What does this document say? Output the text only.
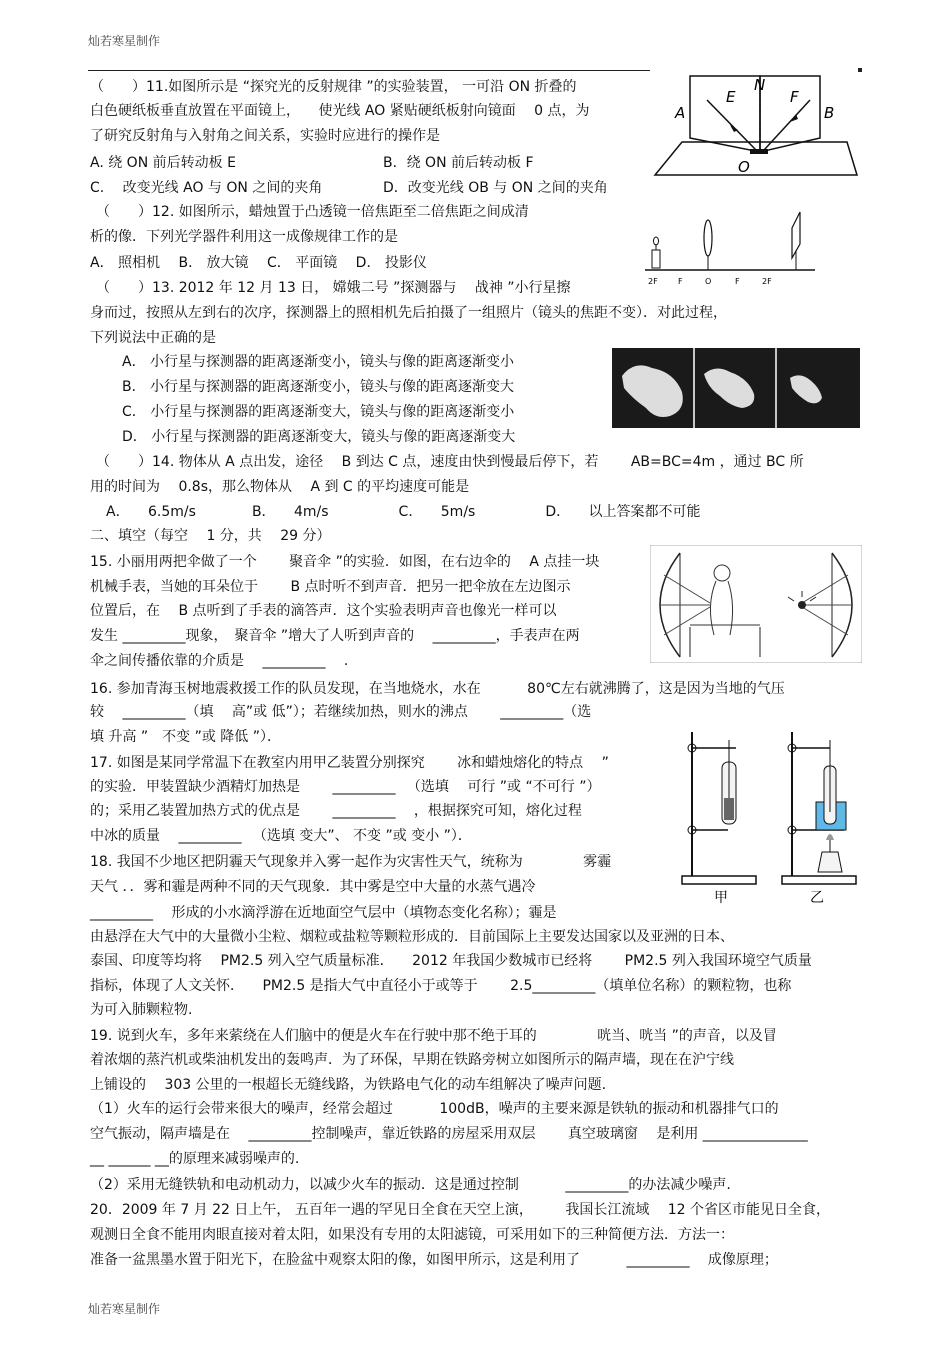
灿若寒星制作
（　　）11.如图所示是 “探究光的反射规律 ”的实验装置， 一可沿 ON 折叠的
白色硬纸板垂直放置在平面镜上， 　使光线 AO 紧贴硬纸板射向镜面 　0 点，为
了研究反射角与入射角之间关系，实验时应进行的操作是
A. 绕 ON 前后转动板 E	B．绕 ON 前后转动板 F
C. 　改变光线 AO 与 ON 之间的夹角	D．改变光线 OB 与 ON 之间的夹角
（　　）12. 如图所示，蜡烛置于凸透镜一倍焦距至二倍焦距之间成清
析的像．下列光学器件利用这一成像规律工作的是
A． 照相机 　B． 放大镜 　C． 平面镜 　D． 投影仪
（　　）13. 2012 年 12 月 13 日， 嫦娥二号 ”探测器与 　战神 ”小行星擦
身而过，按照从左到右的次序，探测器上的照相机先后拍摄了一组照片（镜头的焦距不变）．对此过程，
下列说法中正确的是
A． 小行星与探测器的距离逐渐变小，镜头与像的距离逐渐变小
B． 小行星与探测器的距离逐渐变小，镜头与像的距离逐渐变大
C． 小行星与探测器的距离逐渐变大，镜头与像的距离逐渐变小
D． 小行星与探测器的距离逐渐变大，镜头与像的距离逐渐变大
（　　）14. 物体从 A 点出发，途径 　B 到达 C 点，速度由快到慢最后停下，若 　　AB=BC=4m ，通过 BC 所
用的时间为 　0.8s，那么物体从 　A 到 C 的平均速度可能是
A． 　6.5m/s　　　　B． 　4m/s　　　　　C． 　5m/s　　　　　D． 　以上答案都不可能
二、填空（每空 　1 分，共 　29 分）
15. 小丽用两把伞做了一个 　　聚音伞 ”的实验．如图，在右边伞的 　A 点挂一块
机械手表，当她的耳朵位于 　　B 点时听不到声音．把另一把伞放在左边图示
位置后，在 　B 点听到了手表的滴答声．这个实验表明声音也像光一样可以
发生 _________现象，　聚音伞 ”增大了人听到声音的 　_________，手表声在两
伞之间传播依靠的介质是 　_________ 　.
16. 参加青海玉树地震救援工作的队员发现，在当地烧水，水在 　　　80℃左右就沸腾了，这是因为当地的气压
较 　_________（填 　高”或 低”）；若继续加热，则水的沸点 　　_________（选
填 升高 ”　不变 ”或 降低 ”）．
17. 如图是某同学常温下在教室内用甲乙装置分别探究 　　冰和蜡烛熔化的特点 　”
的实验．甲装置缺少酒精灯加热是 　　_________ 　（选填 　可行 ”或 “不可行 ”）
的；采用乙装置加热方式的优点是 　　_________ 　，根据探究可知，熔化过程
中冰的质量 　_________ 　（选填 变大”、 不变 ”或 变小 ”）．
18. 我国不少地区把阴霾天气现象并入雾一起作为灾害性天气，统称为 　　　　雾霾
天气 ．．雾和霾是两种不同的天气现象．其中雾是空中大量的水蒸气遇冷
_________ 　形成的小水滴浮游在近地面空气层中（填物态变化名称）；霾是
由悬浮在大气中的大量微小尘粒、烟粒或盐粒等颗粒形成的．目前国际上主要发达国家以及亚洲的日本、
泰国、印度等均将 　PM2.5 列入空气质量标准． 　2012 年我国少数城市已经将 　　PM2.5 列入我国环境空气质量
指标，体现了人文关怀． 　PM2.5 是指大气中直径小于或等于 　　2.5_________（填单位名称）的颗粒物，也称
为可入肺颗粒物.
19. 说到火车，多年来萦绕在人们脑中的便是火车在行驶中那不绝于耳的 　　　　咣当、咣当 ”的声音，以及冒
着浓烟的蒸汽机或柴油机发出的轰鸣声．为了环保，早期在铁路旁树立如图所示的隔声墙，现在在沪宁线
上铺设的 　303 公里的一根超长无缝线路，为铁路电气化的动车组解决了噪声问题.
（1）火车的运行会带来很大的噪声，经常会超过 　　　100dB，噪声的主要来源是铁轨的振动和机器排气口的
空气振动，隔声墙是在 　_________控制噪声，靠近铁路的房屋采用双层 　　真空玻璃窗 　是利用 _______________
__ ______ __的原理来减弱噪声的.
（2）采用无缝铁轨和电动机动力，以减少火车的振动．这是通过控制 　　　_________的办法减少噪声.
20．2009 年 7 月 22 日上午， 五百年一遇的罕见日全食在天空上演， 　　我国长江流域 　12 个省区市能见日全食，
观测日全食不能用肉眼直接对着太阳，如果没有专用的太阳滤镜，可采用如下的三种简便方法．方法一：
准备一盆黑墨水置于阳光下，在脸盆中观察太阳的像，如图甲所示，这是利用了 　　　_________ 　成像原理；
A
E
N
F
B
O
2F	F	O	F	2F
甲	乙
灿若寒星制作
